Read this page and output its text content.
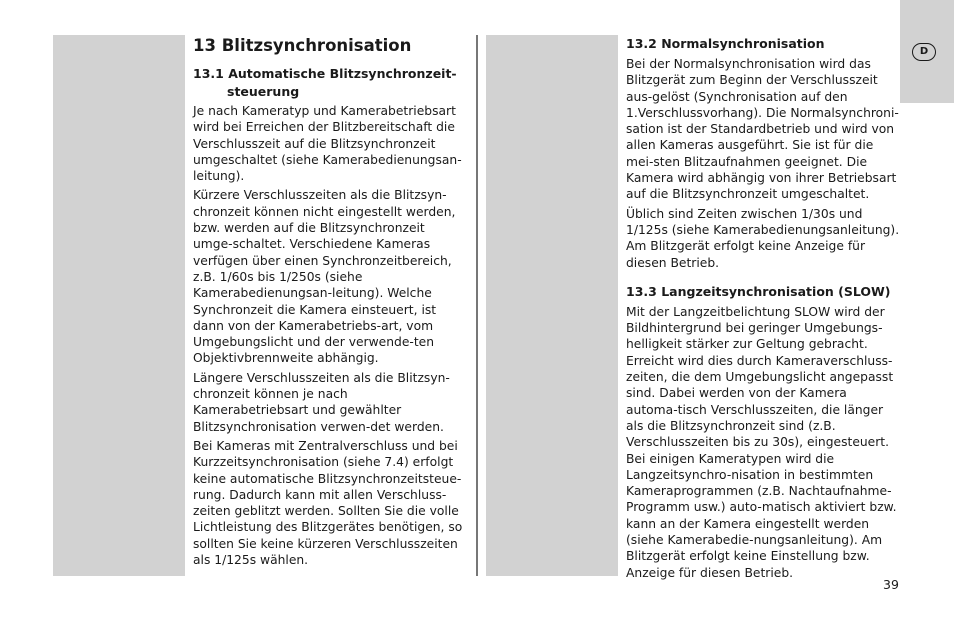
D
13 Blitzsynchronisation
13.1 Automatische Blitzsynchronzeit-
steuerung

Je nach Kameratyp und Kamerabetriebsart wird bei Erreichen der Blitzbereitschaft die Verschlusszeit auf die Blitzsynchronzeit umgeschaltet (siehe Kamerabedienungsan-leitung).

Kürzere Verschlusszeiten als die Blitzsyn-chronzeit können nicht eingestellt werden, bzw. werden auf die Blitzsynchronzeit umge-schaltet. Verschiedene Kameras verfügen über einen Synchronzeitbereich, z.B. 1/60s bis 1/250s (siehe Kamerabedienungsan-leitung). Welche Synchronzeit die Kamera einsteuert, ist dann von der Kamerabetriebs-art, vom Umgebungslicht und der verwende-ten Objektivbrennweite abhängig.

Längere Verschlusszeiten als die Blitzsyn-chronzeit können je nach Kamerabetriebsart und gewählter Blitzsynchronisation verwen-det werden.

Bei Kameras mit Zentralverschluss und bei Kurzzeitsynchronisation (siehe 7.4) erfolgt keine automatische Blitzsynchronzeitsteue-rung. Dadurch kann mit allen Verschluss-zeiten geblitzt werden. Sollten Sie die volle Lichtleistung des Blitzgerätes benötigen, so sollten Sie keine kürzeren Verschlusszeiten als 1/125s wählen.

13.2 Normalsynchronisation

Bei der Normalsynchronisation wird das Blitzgerät zum Beginn der Verschlusszeit aus-gelöst (Synchronisation auf den 1.Verschlussvorhang). Die Normalsynchroni-sation ist der Standardbetrieb und wird von allen Kameras ausgeführt. Sie ist für die mei-sten Blitzaufnahmen geeignet. Die Kamera wird abhängig von ihrer Betriebsart auf die Blitzsynchronzeit umgeschaltet.

Üblich sind Zeiten zwischen 1/30s und 1/125s (siehe Kamerabedienungsanleitung). Am Blitzgerät erfolgt keine Anzeige für diesen Betrieb.

13.3 Langzeitsynchronisation (SLOW)

Mit der Langzeitbelichtung SLOW wird der Bildhintergrund bei geringer Umgebungs-helligkeit stärker zur Geltung gebracht. Erreicht wird dies durch Kameraverschluss-zeiten, die dem Umgebungslicht angepasst sind. Dabei werden von der Kamera automa-tisch Verschlusszeiten, die länger als die Blitzsynchronzeit sind (z.B. Verschlusszeiten bis zu 30s), eingesteuert. Bei einigen Kameratypen wird die Langzeitsynchro-nisation in bestimmten Kameraprogrammen (z.B. Nachtaufnahme-Programm usw.) auto-matisch aktiviert bzw. kann an der Kamera eingestellt werden (siehe Kamerabedie-nungsanleitung). Am Blitzgerät erfolgt keine Einstellung bzw. Anzeige für diesen Betrieb.

39
